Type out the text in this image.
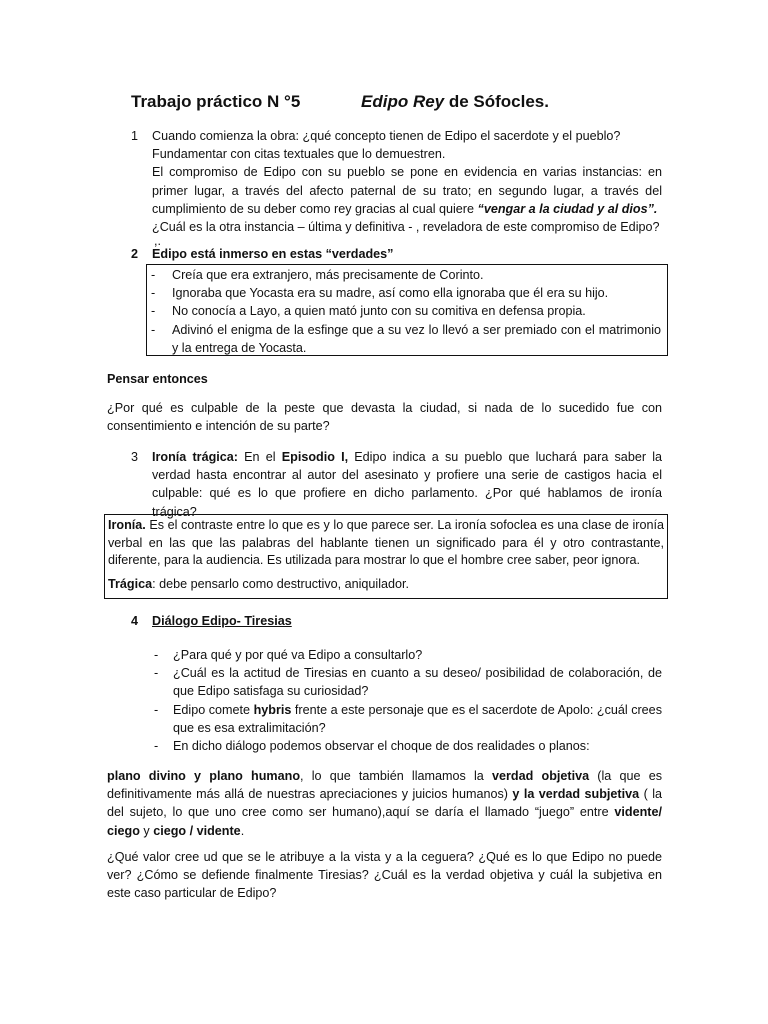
Trabajo práctico N °5	Edipo Rey de Sófocles.
1 Cuando comienza la obra: ¿qué concepto tienen de Edipo el sacerdote y el pueblo?

Fundamentar con citas textuales que lo demuestren.

El compromiso de Edipo con su pueblo se pone en evidencia en varias instancias: en primer lugar, a través del afecto paternal de su trato; en segundo lugar, a través del cumplimiento de su deber como rey gracias al cual quiere “vengar a la ciudad y al dios”.

¿Cuál es la otra instancia – última y definitiva - , reveladora de este compromiso de Edipo?

,.

2 Edipo está inmerso en estas “verdades”
- Creía que era extranjero, más precisamente de Corinto.
- Ignoraba que Yocasta era su madre, así como ella ignoraba que él era su hijo.
- No conocía a Layo, a quien mató junto con su comitiva en defensa propia.
- Adivinó el enigma de la esfinge que a su vez lo llevó a ser premiado con el matrimonio y la entrega de Yocasta.
Pensar entonces
¿Por qué es culpable de la peste que devasta la ciudad, si nada de lo sucedido fue con consentimiento e intención de su parte?
3 Ironía trágica: En el Episodio I, Edipo indica a su pueblo que luchará para saber la verdad hasta encontrar al autor del asesinato y profiere una serie de castigos hacia el culpable: qué es lo que profiere en dicho parlamento. ¿Por qué hablamos de ironía trágica?

Ironía. Es el contraste entre lo que es y lo que parece ser. La ironía sofoclea es una clase de ironía verbal en las que las palabras del hablante tienen un significado para él y otro contrastante, diferente, para la audiencia. Es utilizada para mostrar lo que el hombre cree saber, peor ignora.

Trágica: debe pensarlo como destructivo, aniquilador.

4 Diálogo Edipo- Tiresias
- ¿Para qué y por qué va Edipo a consultarlo?
- ¿Cuál es la actitud de Tiresias en cuanto a su deseo/ posibilidad de colaboración, de que Edipo satisfaga su curiosidad?
- Edipo comete hybris frente a este personaje que es el sacerdote de Apolo: ¿cuál crees que es esa extralimitación?
- En dicho diálogo podemos observar el choque de dos realidades o planos:
plano divino y plano humano, lo que también llamamos la verdad objetiva (la que es definitivamente más allá de nuestras apreciaciones y juicios humanos) y la verdad subjetiva ( la del sujeto, lo que uno cree como ser humano),aquí se daría el llamado “juego” entre vidente/ ciego y ciego / vidente.
¿Qué valor cree ud que se le atribuye a la vista y a la ceguera? ¿Qué es lo que Edipo no puede ver? ¿Cómo se defiende finalmente Tiresias? ¿Cuál es la verdad objetiva y cuál la subjetiva en este caso particular de Edipo?
